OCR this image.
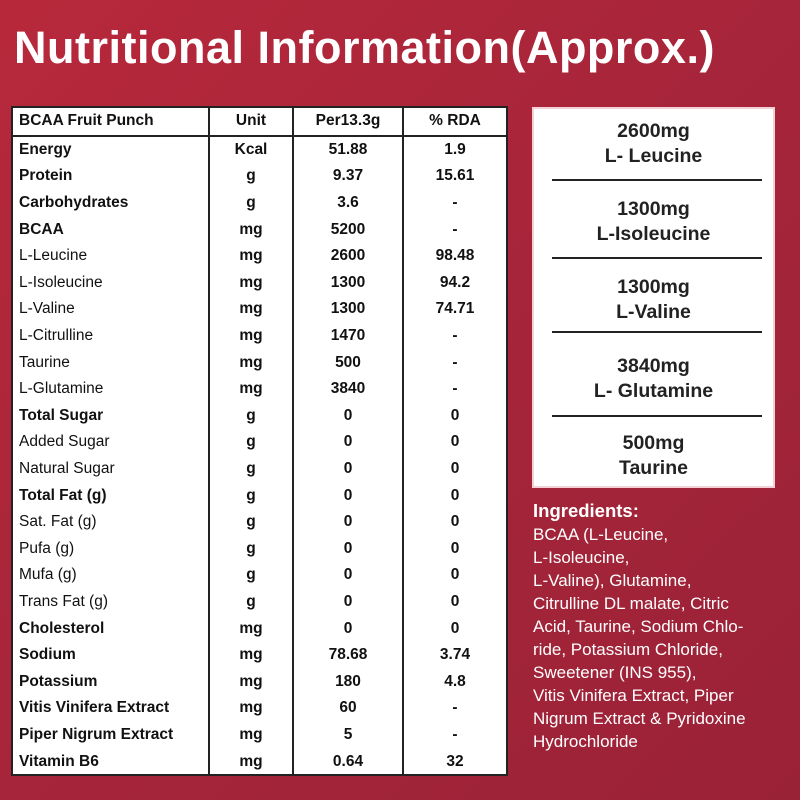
Nutritional Information(Approx.)
BCAA Fruit Punch	Unit	Per13.3g	% RDA
Energy	Kcal	51.88	1.9
Protein	g	9.37	15.61
Carbohydrates	g	3.6	-
BCAA	mg	5200	-
L-Leucine	mg	2600	98.48
L-Isoleucine	mg	1300	94.2
L-Valine	mg	1300	74.71
L-Citrulline	mg	1470	-
Taurine	mg	500	-
L-Glutamine	mg	3840	-
Total Sugar	g	0	0
Added Sugar	g	0	0
Natural Sugar	g	0	0
Total Fat (g)	g	0	0
Sat. Fat (g)	g	0	0
Pufa (g)	g	0	0
Mufa (g)	g	0	0
Trans Fat (g)	g	0	0
Cholesterol	mg	0	0
Sodium	mg	78.68	3.74
Potassium	mg	180	4.8
Vitis Vinifera Extract	mg	60	-
Piper Nigrum Extract	mg	5	-
Vitamin B6	mg	0.64	32
2600mg
L- Leucine
1300mg
L-Isoleucine
1300mg
L-Valine
3840mg
L- Glutamine
500mg
Taurine
Ingredients:
BCAA (L-Leucine,
L-Isoleucine,
L-Valine), Glutamine,
Citrulline DL malate, Citric
Acid, Taurine, Sodium Chlo-
ride, Potassium Chloride,
Sweetener (INS 955),
Vitis Vinifera Extract, Piper
Nigrum Extract & Pyridoxine
Hydrochloride
